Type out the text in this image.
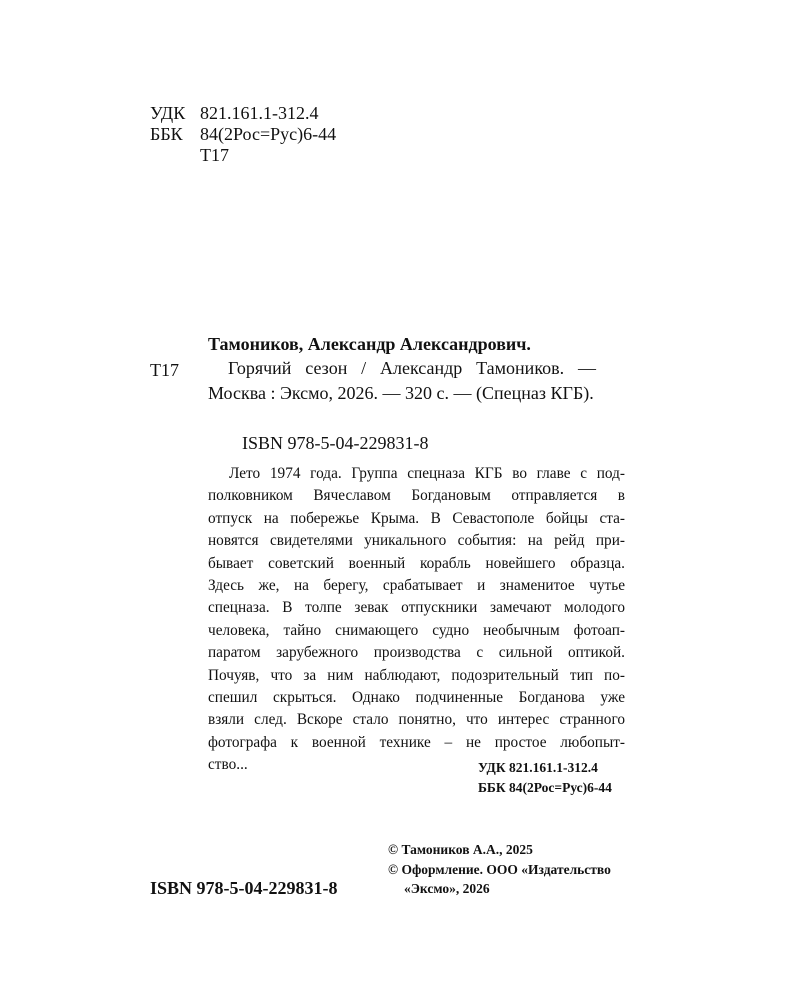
УДК 821.161.1-312.4
ББК 84(2Рос=Рус)6-44
Т17
Тамоников, Александр Александрович.
Т17	Горячий сезон / Александр Тамоников. — Москва : Эксмо, 2026. — 320 с. — (Спецназ КГБ).
ISBN 978-5-04-229831-8
Лето 1974 года. Группа спецназа КГБ во главе с под-
полковником Вячеславом Богдановым отправляется в
отпуск на побережье Крыма. В Севастополе бойцы ста-
новятся свидетелями уникального события: на рейд при-
бывает советский военный корабль новейшего образца.
Здесь же, на берегу, срабатывает и знаменитое чутье
спецназа. В толпе зевак отпускники замечают молодого
человека, тайно снимающего судно необычным фотоап-
паратом зарубежного производства с сильной оптикой.
Почуяв, что за ним наблюдают, подозрительный тип по-
спешил скрыться. Однако подчиненные Богданова уже
взяли след. Вскоре стало понятно, что интерес странного
фотографа к военной технике – не простое любопыт-
ство...	УДК 821.161.1-312.4
ББК 84(2Рос=Рус)6-44
© Тамоников А.А., 2025
© Оформление. ООО «Издательство
«Эксмо», 2026
ISBN 978-5-04-229831-8
